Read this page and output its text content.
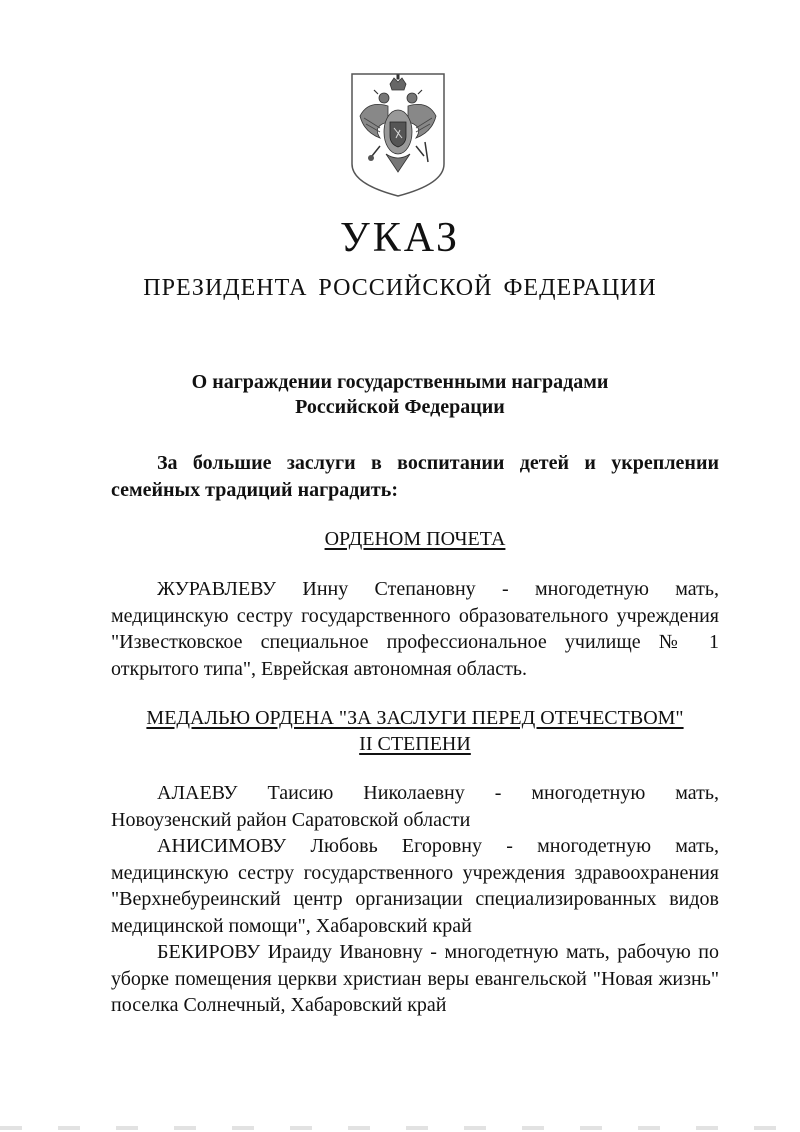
УКАЗ
ПРЕЗИДЕНТА РОССИЙСКОЙ ФЕДЕРАЦИИ
О награждении государственными наградами
Российской Федерации
За большие заслуги в воспитании детей и укреплении
семейных традиций наградить:
ОРДЕНОМ ПОЧЕТА
ЖУРАВЛЕВУ Инну Степановну - многодетную мать,
медицинскую сестру государственного образовательного учреждения
"Известковское специальное профессиональное училище № 1
открытого типа", Еврейская автономная область.
МЕДАЛЬЮ ОРДЕНА "ЗА ЗАСЛУГИ ПЕРЕД ОТЕЧЕСТВОМ"
II СТЕПЕНИ
АЛАЕВУ Таисию Николаевну - многодетную мать,
Новоузенский район Саратовской области
АНИСИМОВУ Любовь Егоровну - многодетную мать,
медицинскую сестру государственного учреждения здравоохранения
"Верхнебуреинский центр организации специализированных видов
медицинской помощи", Хабаровский край
БЕКИРОВУ Ираиду Ивановну - многодетную мать, рабочую по
уборке помещения церкви христиан веры евангельской "Новая жизнь"
поселка Солнечный, Хабаровский край
